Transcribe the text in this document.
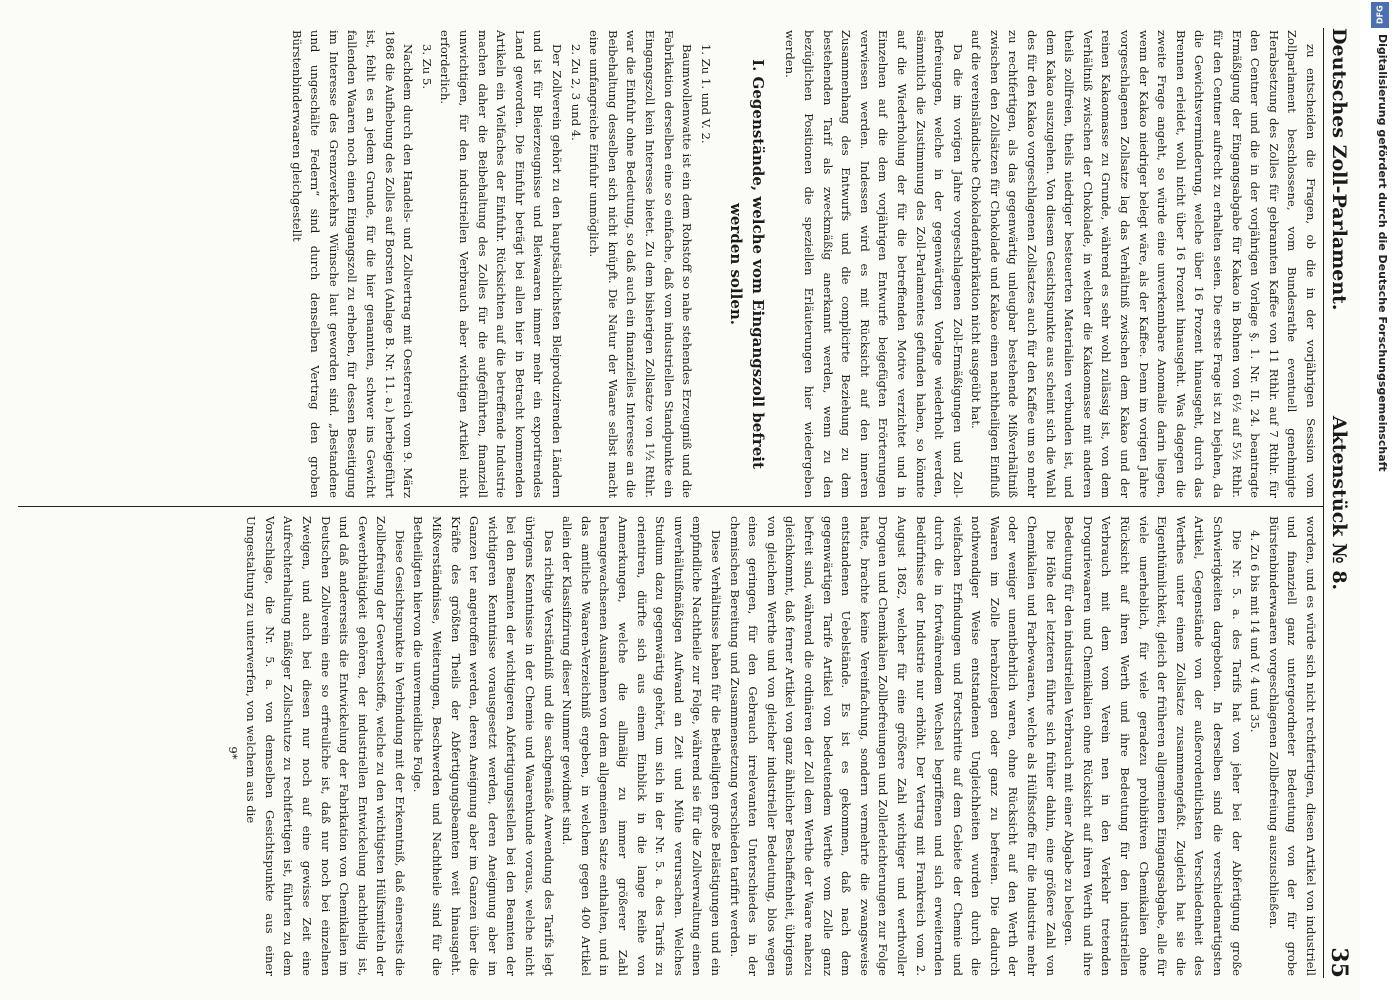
Deutsches Zoll-Parlament.
Aktenstück № 8.
35

zu entscheiden die Fragen, ob die in der vorjährigen Session vom Zollparlament beschlossene, vom Bundesrathe eventuell genehmigte Herabsetzung des Zolles für gebrannten Kaffee von 11 Rthlr. auf 7 Rthlr. für den Centner und die in der vorjährigen Vorlage §. 1. Nr. II. 24. beantragte Ermäßigung der Eingangsabgabe für Kakao in Bohnen von 6½ auf 5½ Rthlr. für den Centner aufrecht zu erhalten seien. Die erste Frage ist zu bejahen, da die Gewichtsverminderung, welche über 16 Prozent hinausgeht, durch das Brennen erleidet, wohl nicht über 16 Prozent hinausgeht. Was dagegen die zweite Frage angeht, so würde eine unverkennbare Anomalie darin liegen, wenn der Kakao niedriger belegt wäre, als der Kaffee. Denn im vorigen Jahre vorgeschlagenen Zollsatze lag das Verhältniß zwischen dem Kakao und der reinen Kakaomasse zu Grunde, während es sehr wohl zulässig ist, von dem Verhältniß zwischen der Chokolade, in welcher die Kakaomasse mit anderen theils zollfreien, theils niedriger besteuerten Materialien verbunden ist, und dem Kakao auszugehen. Von diesem Gesichtspunkte aus scheint sich die Wahl des für den Kakao vorgeschlagenen Zollsatzes auch für den Kaffee um so mehr zu rechtfertigen, als das gegenwärtig unleugbar bestehende Mißverhältniß zwischen den Zollsätzen für Chokolade und Kakao einen nachtheiligen Einfluß auf die vereinsländische Chokoladenfabrikation nicht ausgeübt hat.

Da die im vorigen Jahre vorgeschlagenen Zoll-Ermäßigungen und Zoll-Befreiungen, welche in der gegenwärtigen Vorlage wiederholt werden, sämmtlich die Zustimmung des Zoll-Parlamentes gefunden haben, so könnte auf die Wiederholung der für die betreffenden Motive verzichtet und in Einzelnen auf die dem vorjährigen Entwurfe beigefügten Erörterungen verwiesen werden. Indessen wird es mit Rücksicht auf den inneren Zusammenhang des Entwurfs und die complicirte Beziehung zu dem bestehenden Tarif als zweckmäßig anerkannt werden, wenn zu den bezüglichen Positionen die speziellen Erläuterungen hier wiedergeben werden.

I. Gegenstände, welche vom Eingangszoll befreit werden sollen.

1. Zu 1. und V. 2.

Baumwollenwatte ist ein dem Rohstoff so nahe stehendes Erzeugniß und die Fabrikation derselben eine so einfache, daß vom industriellen Standpunkte ein Eingangszoll kein Interesse bietet. Zu dem bisherigen Zollsatze von 1½ Rthlr. war die Einfuhr ohne Bedeutung, so daß auch ein finanzielles Interesse an die Beibehaltung desselben sich nicht knüpft. Die Natur der Waare selbst macht eine umfangreiche Einfuhr unmöglich.

2. Zu 2, 3 und 4.

Der Zollverein gehört zu den hauptsächlichsten Bleiproduzirenden Ländern und ist für Bleierzeugnisse und Bleiwaaren immer mehr ein exportirendes Land geworden. Die Einfuhr beträgt bei allen hier in Betracht kommenden Artikeln ein Vielfaches der Einfuhr. Rücksichten auf die betreffende Industrie machen daher die Beibehaltung des Zolles für die aufgeführten, finanziell unwichtigen, für den industriellen Verbrauch aber wichtigen Artikel nicht erforderlich.

3. Zu 5.

Nachdem durch den Handels- und Zollvertrag mit Oesterreich vom 9. März 1868 die Aufhebung des Zolles auf Borsten (Anlage B. Nr. 11. a.) herbeigeführt ist, fehlt es an jedem Grunde, für die hier genannten, schwer ins Gewicht fallenden Waaren noch einen Eingangszoll zu erheben, für dessen Beseitigung im Interesse des Grenzverkehrs Wünsche laut geworden sind. „Bestandene und ungeschälte Federn“ sind durch denselben Vertrag den groben Bürstenbinderwaaren gleichgestellt

worden, und es würde sich nicht rechtfertigen, diesen Artikel von industriell und finanziell ganz untergeordneter Bedeutung von der für grobe Bürstenbinderwaaren vorgeschlagenen Zollbefreiung auszuschließen.

4. Zu 6 bis mit 14 und V. 4 und 35.

Die Nr. 5. a. des Tarifs hat von jeher bei der Abfertigung große Schwierigkeiten dargeboten. In derselben sind die verschiedenartigsten Artikel, Gegenstände von der außerordentlichsten Verschiedenheit des Werthes unter einem Zollsatze zusammengefaßt. Zugleich hat sie die Eigenthümlichkeit, gleich der früheren allgemeinen Eingangsabgabe, alle für viele unerheblich, für viele geradezu prohibitiven Chemikalien ohne Rücksicht auf ihren Werth und ihre Bedeutung für den industriellen Verbrauch mit dem vom Verein nen in den Verkehr tretenden Droguriewaaren und Chemikalien ohne Rücksicht auf ihren Werth und ihre Bedeutung für den industriellen Verbrauch mit einer Abgabe zu belegen.

Die Höhe der letzteren führte sich früher dahin, eine größere Zahl von Chemikalien und Farbewaaren, welche als Hülfsstoffe für die Industrie mehr oder weniger unentbehrlich waren, ohne Rücksicht auf den Werth der Waaren im Zolle herabzulegen oder ganz zu befreien. Die dadurch nothwendiger Weise entstandenen Ungleichheiten wurden durch die vielfachen Erfindungen und Fortschritte auf dem Gebiete der Chemie und durch die in fortwährendem Wechsel begriffenen und sich erweiternden Bedürfnisse der Industrie nur erhöht. Der Vertrag mit Frankreich vom 2. August 1862, welcher für eine größere Zahl wichtiger und werthvoller Droguen und Chemikalien Zollbefreiungen und Zollerleichterungen zur Folge hatte, brachte keine Vereinfachung, sondern vermehrte die zwangsweise entstandenen Uebelstände. Es ist es gekommen, daß nach dem gegenwärtigen Tarife Artikel von bedeutendem Werthe vom Zolle ganz befreit sind, während die ordinären der Zoll dem Werthe der Waare nahezu gleichkommt, daß ferner Artikel von ganz ähnlicher Beschaffenheit, übrigens von gleichem Werthe und von gleicher industrieller Bedeutung, blos wegen eines geringen, für den Gebrauch irrelevanten Unterschiedes in der chemischen Bereitung und Zusammensetzung verschieden tarifirt werden.

Diese Verhältnisse haben für die Betheiligten große Belästigungen und ein empfindliche Nachtheile zur Folge, während sie für die Zollverwaltung einen unverhältnißmäßigen Aufwand an Zeit und Mühe verursachen. Welches Studium dazu gegenwärtig gehört, um sich in der Nr. 5. a. des Tarifs zu orientiren, dürfte sich aus einem Einblick in die lange Reihe von Anmerkungen, welche die allmälig zu immer größerer Zahl herangewachsenen Ausnahmen von dem allgemeinen Satze enthalten, und in das amtliche Waaren-Verzeichniß ergeben, in welchem gegen 400 Artikel allein der Klassifizirung dieser Nummer gewidmet sind.

Das richtige Verständniß und die sachgemäße Anwendung des Tarifs legt übrigens Kenntnisse in der Chemie und Waarenkunde voraus, welche nicht bei den Beamten der wichtigeren Abfertigungsstellen bei den Beamten der wichtigeren Kenntnisse vorausgesetzt werden, deren Aneignung aber im Ganzen ter angetroffen werden, deren Aneignung aber im Ganzen über die Kräfte des größten Theils der Abfertigungsbeamten weit hinausgeht. Mißverständnisse, Weiterungen, Beschwerden und Nachtheile sind für die Betheiligten hiervon die unvermeidliche Folge.

Diese Gesichtspunkte in Verbindung mit der Erkenntniß, daß einerseits die Zollbefreiung der Gewerbsstoffe, welche zu den wichtigsten Hülfsmitteln der Gewerbthätigkeit gehören, der industriellen Entwickelung nachtheilig ist, und daß andererseits die Entwickelung der Fabrikation von Chemikalien im Deutschen Zollverein eine so erfreuliche ist, daß nur noch bei einzelnen Zweigen, und auch bei diesen nur noch auf eine gewisse Zeit eine Aufrechterhaltung mäßiger Zollschutze zu rechtfertigen ist, führten zu dem Vorschlage, die Nr. 5. a. von demselben Gesichtspunkte aus einer Umgestaltung zu unterwerfen, von welchem aus die

9*

DFG
Digitalisierung gefördert durch die Deutsche Forschungsgemeinschaft
